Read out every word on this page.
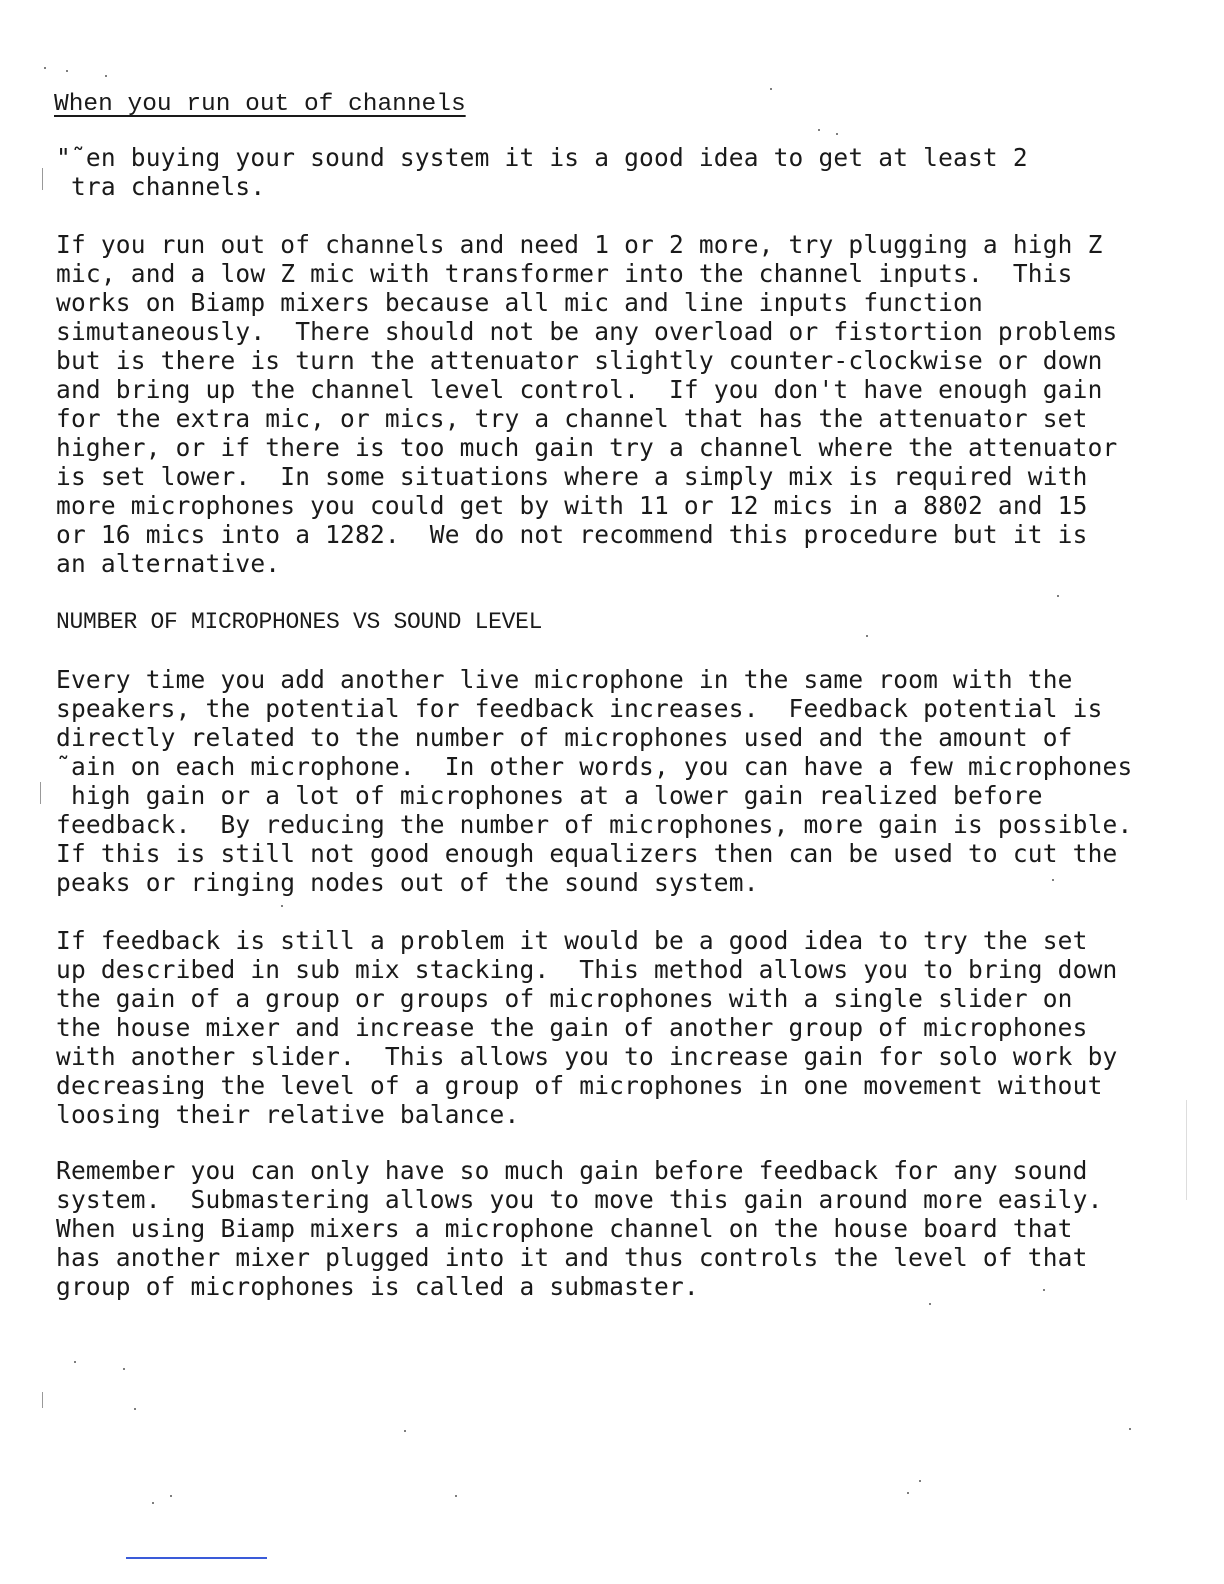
When you run out of channels
"˜en buying your sound system it is a good idea to get at least 2
tra channels.
If you run out of channels and need 1 or 2 more, try plugging a high Z
mic, and a low Z mic with transformer into the channel inputs.  This
works on Biamp mixers because all mic and line inputs function
simutaneously.  There should not be any overload or fistortion problems
but is there is turn the attenuator slightly counter-clockwise or down
and bring up the channel level control.  If you don't have enough gain
for the extra mic, or mics, try a channel that has the attenuator set
higher, or if there is too much gain try a channel where the attenuator
is set lower.  In some situations where a simply mix is required with
more microphones you could get by with 11 or 12 mics in a 8802 and 15
or 16 mics into a 1282.  We do not recommend this procedure but it is
an alternative.
NUMBER OF MICROPHONES VS SOUND LEVEL
Every time you add another live microphone in the same room with the
speakers, the potential for feedback increases.  Feedback potential is
directly related to the number of microphones used and the amount of
˜ain on each microphone.  In other words, you can have a few microphones
high gain or a lot of microphones at a lower gain realized before
feedback.  By reducing the number of microphones, more gain is possible.
If this is still not good enough equalizers then can be used to cut the
peaks or ringing nodes out of the sound system.
If feedback is still a problem it would be a good idea to try the set
up described in sub mix stacking.  This method allows you to bring down
the gain of a group or groups of microphones with a single slider on
the house mixer and increase the gain of another group of microphones
with another slider.  This allows you to increase gain for solo work by
decreasing the level of a group of microphones in one movement without
loosing their relative balance.
Remember you can only have so much gain before feedback for any sound
system.  Submastering allows you to move this gain around more easily.
When using Biamp mixers a microphone channel on the house board that
has another mixer plugged into it and thus controls the level of that
group of microphones is called a submaster.
